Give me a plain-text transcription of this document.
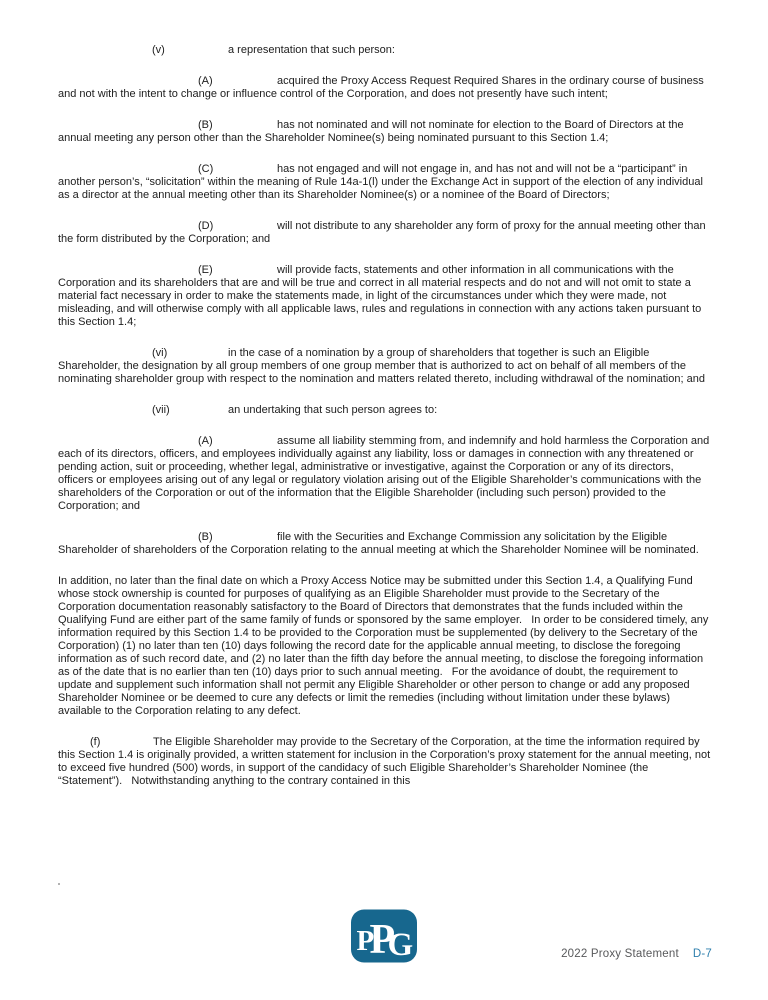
(v)	a representation that such person:

(A)	acquired the Proxy Access Request Required Shares in the ordinary course of business and not with the intent to change or influence control of the Corporation, and does not presently have such intent;

(B)	has not nominated and will not nominate for election to the Board of Directors at the annual meeting any person other than the Shareholder Nominee(s) being nominated pursuant to this Section 1.4;

(C)	has not engaged and will not engage in, and has not and will not be a “participant” in another person’s, “solicitation” within the meaning of Rule 14a-1(l) under the Exchange Act in support of the election of any individual as a director at the annual meeting other than its Shareholder Nominee(s) or a nominee of the Board of Directors;

(D)	will not distribute to any shareholder any form of proxy for the annual meeting other than the form distributed by the Corporation; and

(E)	will provide facts, statements and other information in all communications with the Corporation and its shareholders that are and will be true and correct in all material respects and do not and will not omit to state a material fact necessary in order to make the statements made, in light of the circumstances under which they were made, not misleading, and will otherwise comply with all applicable laws, rules and regulations in connection with any actions taken pursuant to this Section 1.4;

(vi)	in the case of a nomination by a group of shareholders that together is such an Eligible Shareholder, the designation by all group members of one group member that is authorized to act on behalf of all members of the nominating shareholder group with respect to the nomination and matters related thereto, including withdrawal of the nomination; and

(vii)	an undertaking that such person agrees to:

(A)	assume all liability stemming from, and indemnify and hold harmless the Corporation and each of its directors, officers, and employees individually against any liability, loss or damages in connection with any threatened or pending action, suit or proceeding, whether legal, administrative or investigative, against the Corporation or any of its directors, officers or employees arising out of any legal or regulatory violation arising out of the Eligible Shareholder’s communications with the shareholders of the Corporation or out of the information that the Eligible Shareholder (including such person) provided to the Corporation; and

(B)	file with the Securities and Exchange Commission any solicitation by the Eligible Shareholder of shareholders of the Corporation relating to the annual meeting at which the Shareholder Nominee will be nominated.

In addition, no later than the final date on which a Proxy Access Notice may be submitted under this Section 1.4, a Qualifying Fund whose stock ownership is counted for purposes of qualifying as an Eligible Shareholder must provide to the Secretary of the Corporation documentation reasonably satisfactory to the Board of Directors that demonstrates that the funds included within the Qualifying Fund are either part of the same family of funds or sponsored by the same employer.   In order to be considered timely, any information required by this Section 1.4 to be provided to the Corporation must be supplemented (by delivery to the Secretary of the Corporation) (1) no later than ten (10) days following the record date for the applicable annual meeting, to disclose the foregoing information as of such record date, and (2) no later than the fifth day before the annual meeting, to disclose the foregoing information as of the date that is no earlier than ten (10) days prior to such annual meeting.   For the avoidance of doubt, the requirement to update and supplement such information shall not permit any Eligible Shareholder or other person to change or add any proposed Shareholder Nominee or be deemed to cure any defects or limit the remedies (including without limitation under these bylaws) available to the Corporation relating to any defect.

(f)	The Eligible Shareholder may provide to the Secretary of the Corporation, at the time the information required by this Section 1.4 is originally provided, a written statement for inclusion in the Corporation’s proxy statement for the annual meeting, not to exceed five hundred (500) words, in support of the candidacy of such Eligible Shareholder’s Shareholder Nominee (the “Statement”).   Notwithstanding anything to the contrary contained in this

P
P
G	2022 Proxy Statement D-7
